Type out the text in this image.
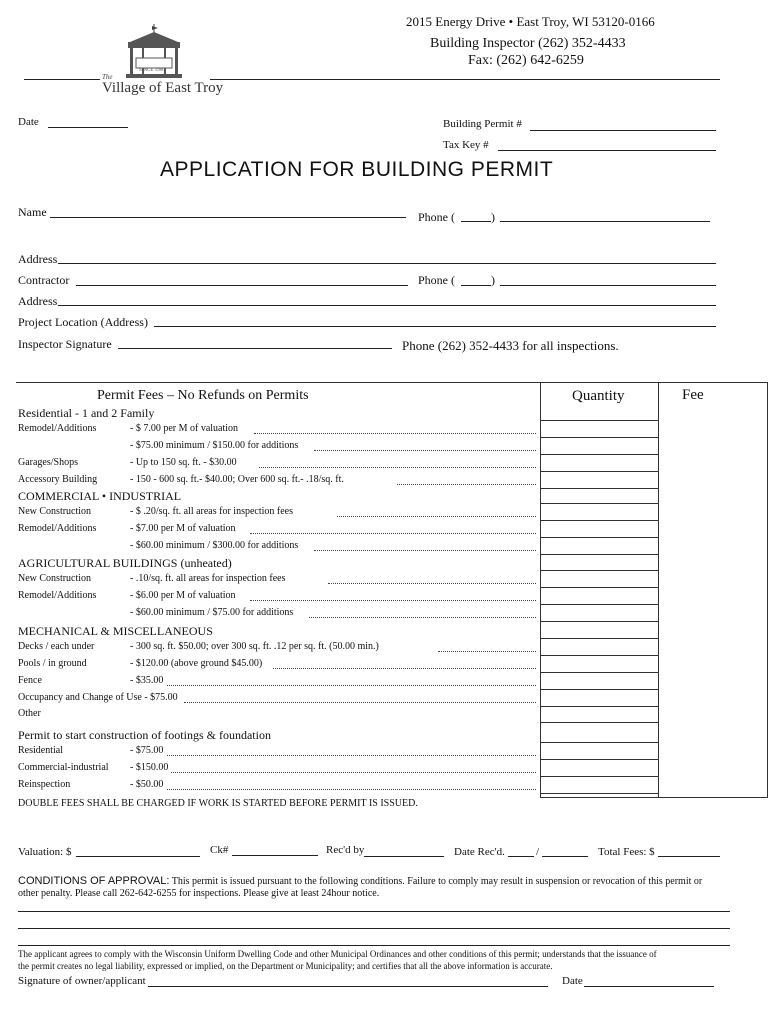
SINCE 1900
The
Village of East Troy
2015 Energy Drive • East Troy, WI 53120-0166
Building Inspector (262) 352-4433
Fax: (262) 642-6259
Date	Building Permit #
Tax Key #
APPLICATION FOR BUILDING PERMIT
Name	Phone (	)
Address
Contractor	Phone (	)
Address
Project Location (Address)
Inspector Signature	Phone (262) 352-4433 for all inspections.
Permit Fees – No Refunds on Permits	Quantity	Fee
Residential - 1 and 2 Family
Remodel/Additions	- $ 7.00 per M of valuation
- $75.00 minimum / $150.00 for additions
Garages/Shops	- Up to 150 sq. ft. - $30.00
Accessory Building	- 150 - 600 sq. ft.- $40.00; Over 600 sq. ft.- .18/sq. ft.
COMMERCIAL • INDUSTRIAL
New Construction	- $ .20/sq. ft. all areas for inspection fees
Remodel/Additions	- $7.00 per M of valuation
- $60.00 minimum / $300.00 for additions
AGRICULTURAL BUILDINGS (unheated)
New Construction	- .10/sq. ft. all areas for inspection fees
Remodel/Additions	- $6.00 per M of valuation
- $60.00 minimum / $75.00 for additions
MECHANICAL & MISCELLANEOUS
Decks / each under	- 300 sq. ft. $50.00; over 300 sq. ft. .12 per sq. ft. (50.00 min.)
Pools / in ground	- $120.00 (above ground $45.00)
Fence	- $35.00
Occupancy and Change of Use - $75.00
Other
Permit to start construction of footings & foundation
Residential	- $75.00
Commercial-industrial - $150.00
Reinspection	- $50.00
DOUBLE FEES SHALL BE CHARGED IF WORK IS STARTED BEFORE PERMIT IS ISSUED.
Valuation: $	Ck#	Rec'd by	Date Rec'd.	/	Total Fees: $
CONDITIONS OF APPROVAL: This permit is issued pursuant to the following conditions. Failure to comply may result in suspension or revocation of this permit or
other penalty. Please call 262-642-6255 for inspections. Please give at least 24hour notice.
The applicant agrees to comply with the Wisconsin Uniform Dwelling Code and other Municipal Ordinances and other conditions of this permit; understands that the issuance of
the permit creates no legal liability, expressed or implied, on the Department or Municipality; and certifies that all the above information is accurate.
Signature of owner/applicant	Date
